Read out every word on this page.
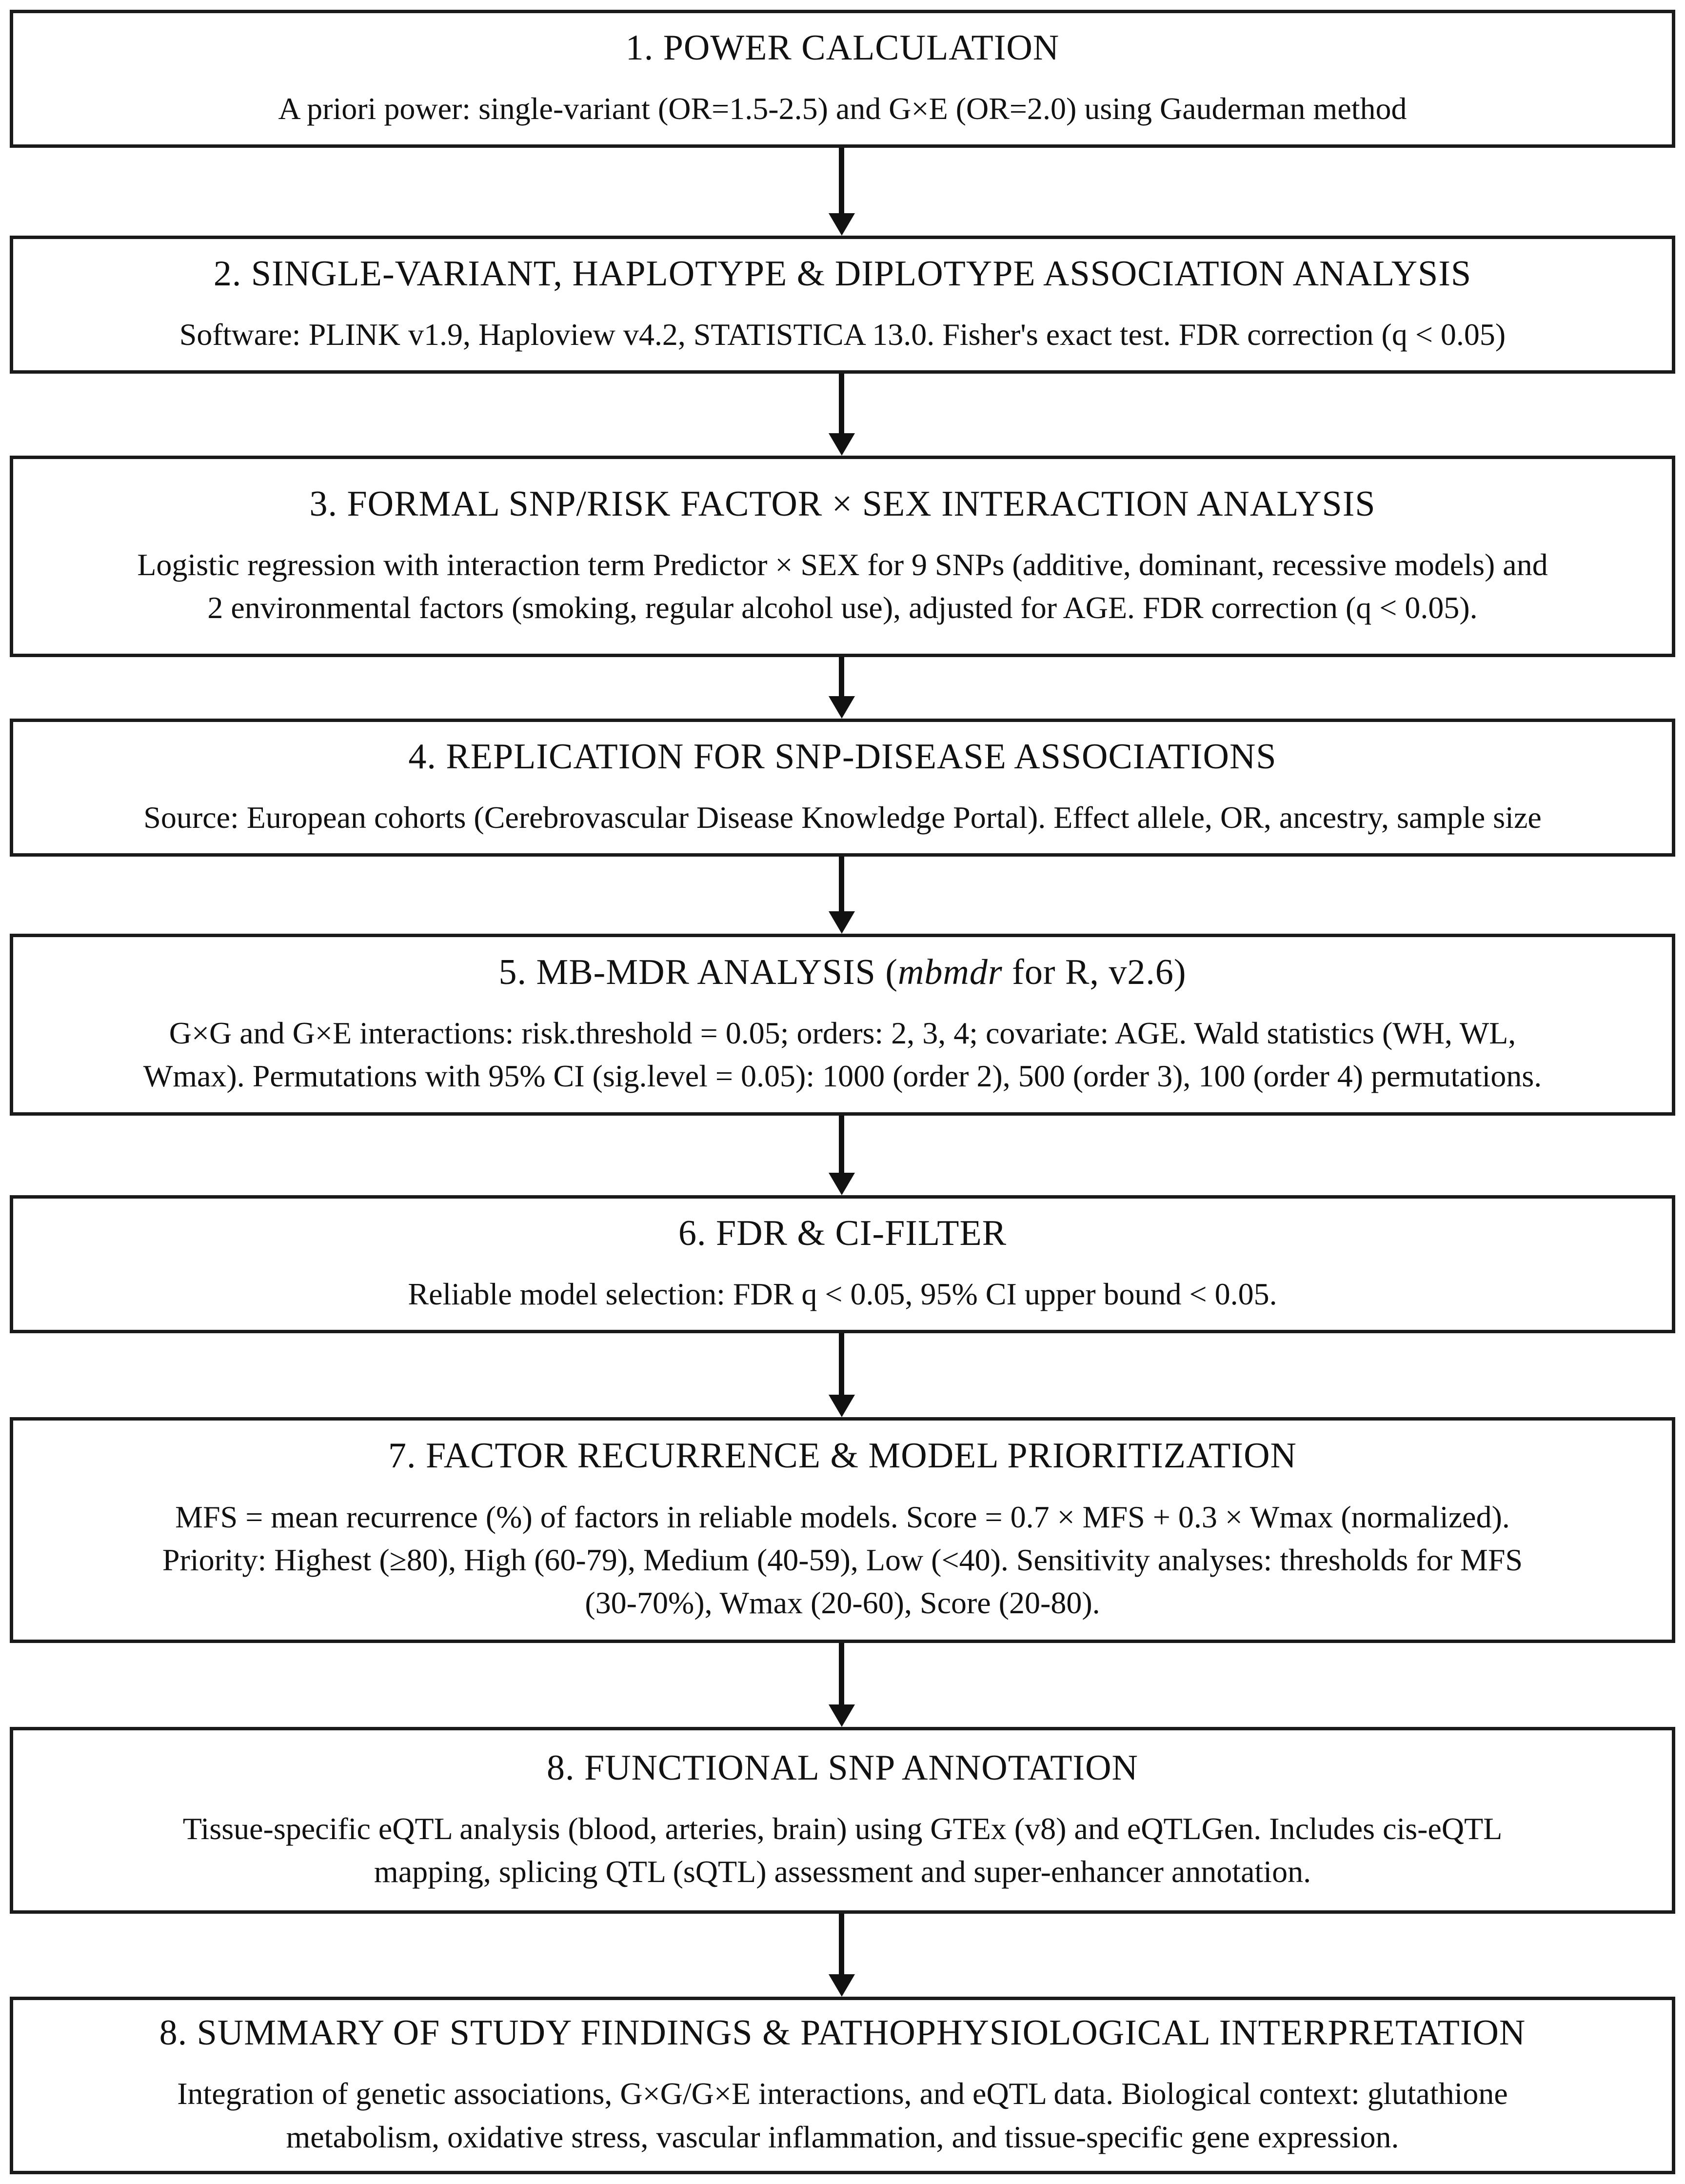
1. POWER CALCULATION
A priori power: single-variant (OR=1.5-2.5) and G×E (OR=2.0) using Gauderman method
2. SINGLE-VARIANT, HAPLOTYPE & DIPLOTYPE ASSOCIATION ANALYSIS
Software: PLINK v1.9, Haploview v4.2, STATISTICA 13.0. Fisher's exact test. FDR correction (q < 0.05)
3. FORMAL SNP/RISK FACTOR × SEX INTERACTION ANALYSIS
Logistic regression with interaction term Predictor × SEX for 9 SNPs (additive, dominant, recessive models) and
2 environmental factors (smoking, regular alcohol use), adjusted for AGE. FDR correction (q < 0.05).
4. REPLICATION FOR SNP-DISEASE ASSOCIATIONS
Source: European cohorts (Cerebrovascular Disease Knowledge Portal). Effect allele, OR, ancestry, sample size
5. MB-MDR ANALYSIS (mbmdr for R, v2.6)
G×G and G×E interactions: risk.threshold = 0.05; orders: 2, 3, 4; covariate: AGE. Wald statistics (WH, WL,
Wmax). Permutations with 95% CI (sig.level = 0.05): 1000 (order 2), 500 (order 3), 100 (order 4) permutations.
6. FDR & CI-FILTER
Reliable model selection: FDR q < 0.05, 95% CI upper bound < 0.05.
7. FACTOR RECURRENCE & MODEL PRIORITIZATION
MFS = mean recurrence (%) of factors in reliable models. Score = 0.7 × MFS + 0.3 × Wmax (normalized).
Priority: Highest (≥80), High (60-79), Medium (40-59), Low (<40). Sensitivity analyses: thresholds for MFS
(30-70%), Wmax (20-60), Score (20-80).
8. FUNCTIONAL SNP ANNOTATION
Tissue-specific eQTL analysis (blood, arteries, brain) using GTEx (v8) and eQTLGen. Includes cis-eQTL
mapping, splicing QTL (sQTL) assessment and super-enhancer annotation.
8. SUMMARY OF STUDY FINDINGS & PATHOPHYSIOLOGICAL INTERPRETATION
Integration of genetic associations, G×G/G×E interactions, and eQTL data. Biological context: glutathione
metabolism, oxidative stress, vascular inflammation, and tissue-specific gene expression.
